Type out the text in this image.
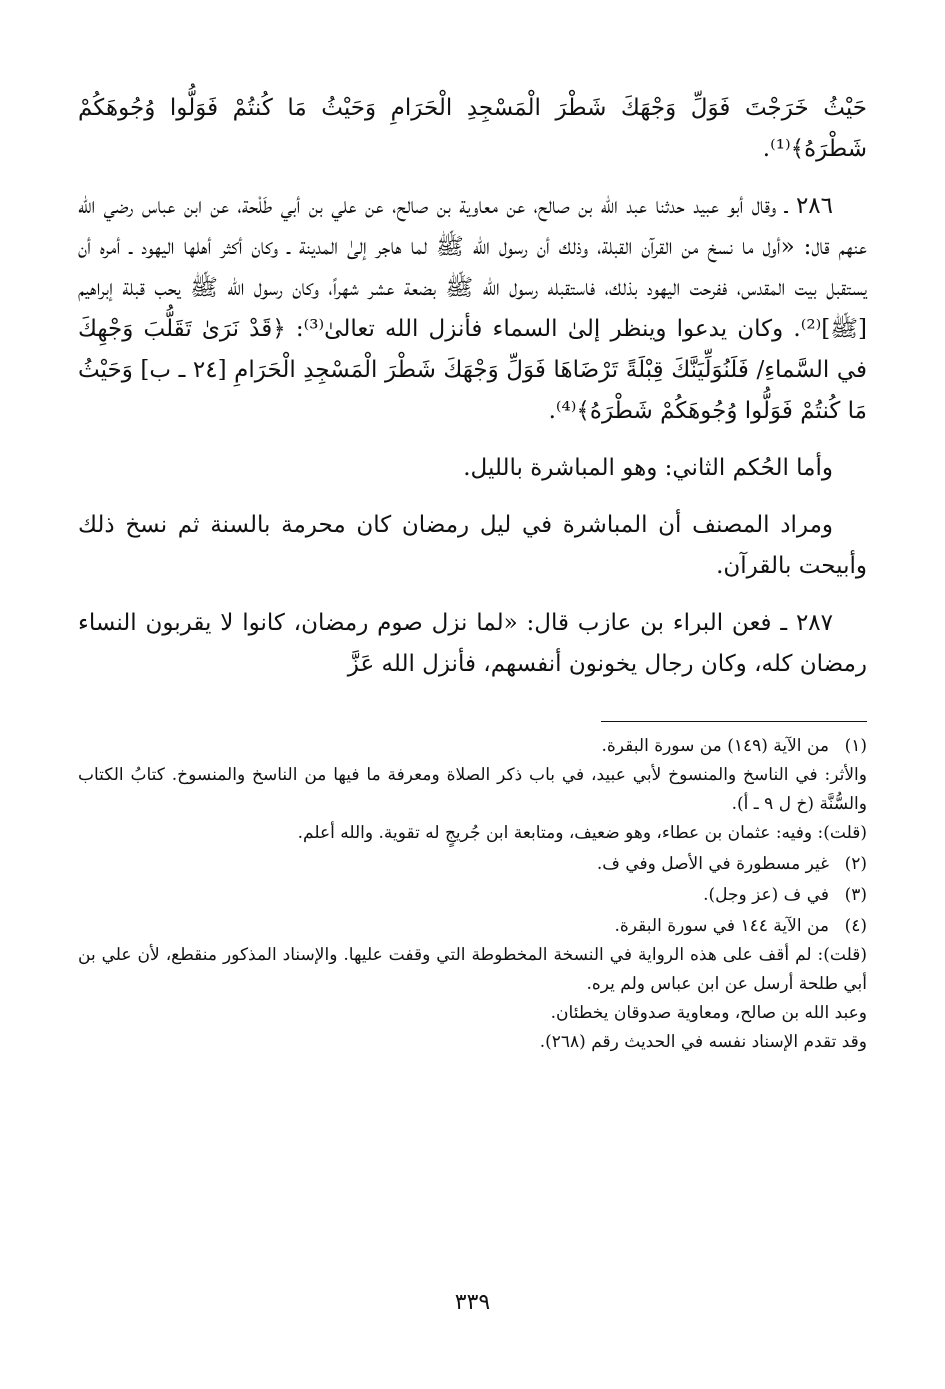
حَيْثُ خَرَجْتَ فَوَلِّ وَجْهَكَ شَطْرَ الْمَسْجِدِ الْحَرَامِ وَحَيْثُ مَا كُنتُمْ فَوَلُّوا وُجُوهَكُمْ شَطْرَهُ﴾⁽¹⁾.

٢٨٦ ـ وقال أبو عبيد حدثنا عبد الله بن صالح، عن معاوية بن صالح، عن علي بن أبي طَلْحة، عن ابن عباس رضي الله عنهم قال: «أول ما نسخ من القرآن القبلة، وذلك أن رسول الله ﷺ لما هاجر إلىٰ المدينة ـ وكان أكثر أهلها اليهود ـ أمره أن يستقبل بيت المقدس، ففرحت اليهود بذلك، فاستقبله رسول الله ﷺ بضعة عشر شهراً، وكان رسول الله ﷺ يحب قبلة إبراهيم [ﷺ]⁽²⁾. وكان يدعوا وينظر إلىٰ السماء فأنزل الله تعالىٰ⁽³⁾: ﴿قَدْ نَرَىٰ تَقَلُّبَ وَجْهِكَ في السَّماءِ/ فَلَنُوَلِّيَنَّكَ قِبْلَةً تَرْضَاهَا فَوَلِّ وَجْهَكَ شَطْرَ الْمَسْجِدِ الْحَرَامِ [٢٤ ـ ب] وَحَيْثُ مَا كُنتُمْ فَوَلُّوا وُجُوهَكُمْ شَطْرَهُ﴾⁽⁴⁾.

وأما الحُكم الثاني: وهو المباشرة بالليل.

ومراد المصنف أن المباشرة في ليل رمضان كان محرمة بالسنة ثم نسخ ذلك وأبيحت بالقرآن.

٢٨٧ ـ فعن البراء بن عازب قال: «لما نزل صوم رمضان، كانوا لا يقربون النساء رمضان كله، وكان رجال يخونون أنفسهم، فأنزل الله عَزَّ

(١)

من الآية (١٤٩) من سورة البقرة.

والأثر: في الناسخ والمنسوخ لأبي عبيد، في باب ذكر الصلاة ومعرفة ما فيها من الناسخ والمنسوخ. كتابُ الكتاب والسُّنَّة (خ ل ٩ ـ أ).

(قلت): وفيه: عثمان بن عطاء، وهو ضعيف، ومتابعة ابن جُريجٍ له تقوية. والله أعلم.

(٢)

غير مسطورة في الأصل وفي ف.

(٣)

في ف (عز وجل).

(٤)

من الآية ١٤٤ في سورة البقرة.

(قلت): لم أقف على هذه الرواية في النسخة المخطوطة التي وقفت عليها. والإسناد المذكور منقطع، لأن علي بن أبي طلحة أرسل عن ابن عباس ولم يره.

وعبد الله بن صالح، ومعاوية صدوقان يخطئان.

وقد تقدم الإسناد نفسه في الحديث رقم (٢٦٨).

٣٣٩
